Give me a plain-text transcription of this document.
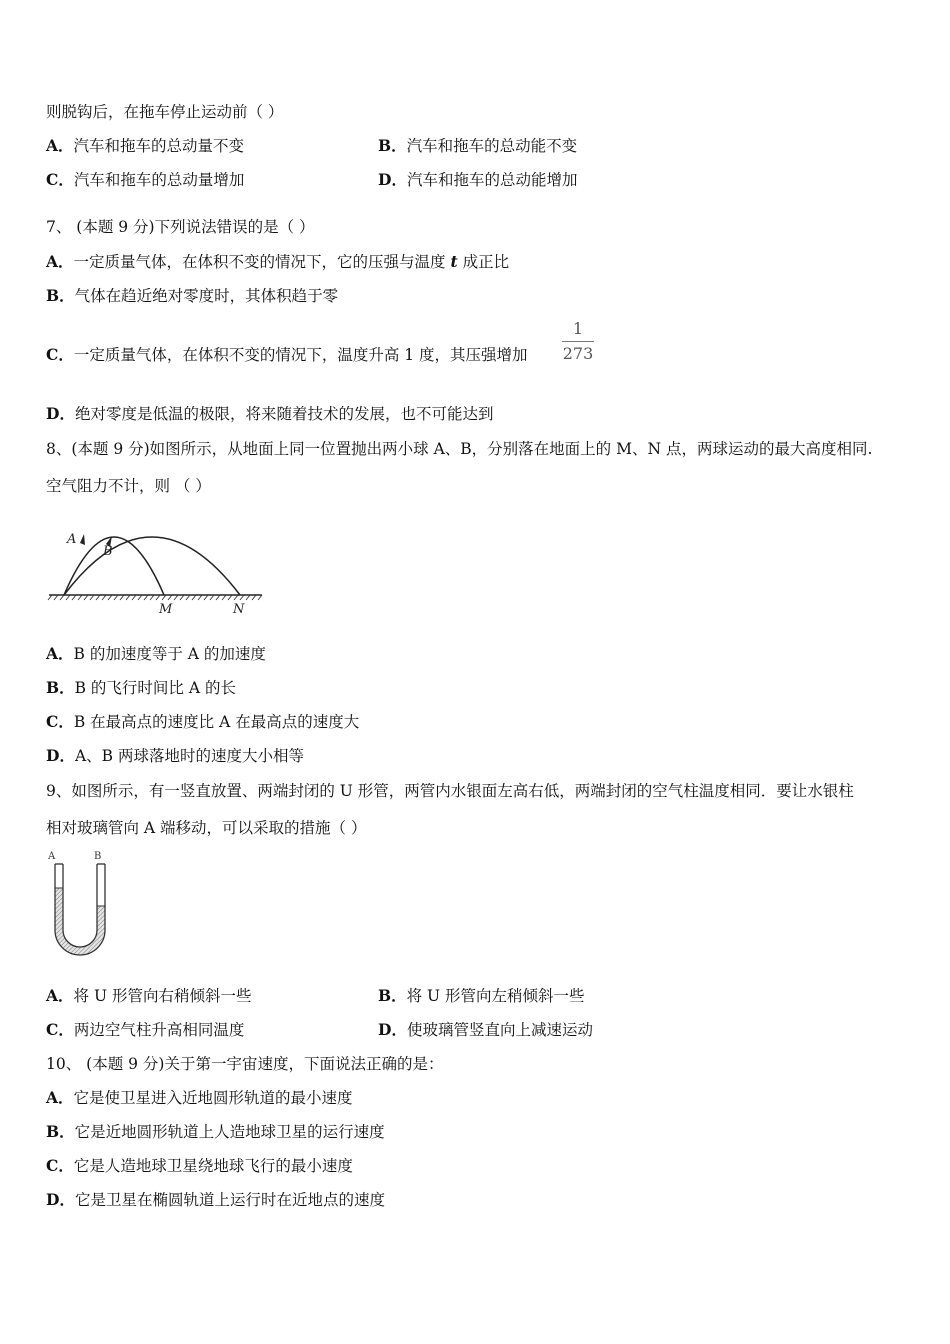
则脱钩后，在拖车停止运动前（ ）
A．汽车和拖车的总动量不变	B．汽车和拖车的总动能不变
C．汽车和拖车的总动量增加	D．汽车和拖车的总动能增加
7、 (本题 9 分)下列说法错误的是（ ）
A．一定质量气体，在体积不变的情况下，它的压强与温度 t 成正比
B．气体在趋近绝对零度时，其体积趋于零
C．一定质量气体，在体积不变的情况下，温度升高 1 度，其压强增加
1
273
D．绝对零度是低温的极限，将来随着技术的发展，也不可能达到
8、(本题 9 分)如图所示，从地面上同一位置抛出两小球 A、B，分别落在地面上的 M、N 点，两球运动的最大高度相同.
空气阻力不计，则 （ ）
A
B
M	N
A．B 的加速度等于 A 的加速度
B．B 的飞行时间比 A 的长
C．B 在最高点的速度比 A 在最高点的速度大
D．A、B 两球落地时的速度大小相等
9、如图所示，有一竖直放置、两端封闭的 U 形管，两管内水银面左高右低，两端封闭的空气柱温度相同．要让水银柱
相对玻璃管向 A 端移动，可以采取的措施（ ）
A	B
A．将 U 形管向右稍倾斜一些	B．将 U 形管向左稍倾斜一些
C．两边空气柱升高相同温度	D．使玻璃管竖直向上减速运动
10、 (本题 9 分)关于第一宇宙速度，下面说法正确的是：
A．它是使卫星进入近地圆形轨道的最小速度
B．它是近地圆形轨道上人造地球卫星的运行速度
C．它是人造地球卫星绕地球飞行的最小速度
D．它是卫星在椭圆轨道上运行时在近地点的速度
